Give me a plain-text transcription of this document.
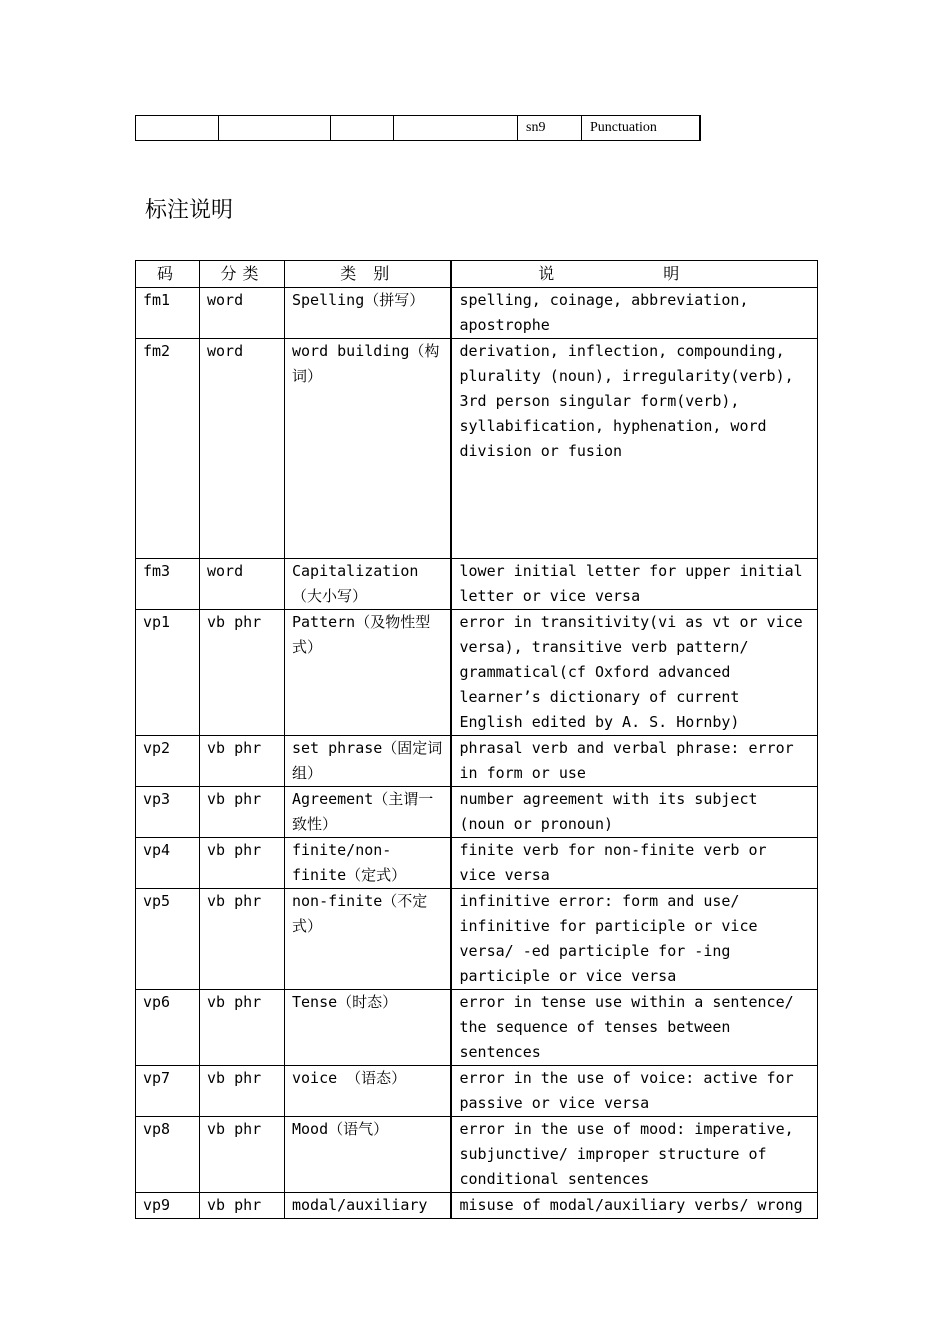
				sn9	Punctuation
标注说明
码	分类	类 别	说 明
fm1	word	Spelling（拼写）	spelling, coinage, abbreviation, apostrophe
fm2	word	word building（构词）	derivation, inflection, compounding, plurality (noun), irregularity(verb), 3rd person singular form(verb), syllabification, hyphenation, word division or fusion
fm3	word	Capitalization（大小写）	lower initial letter for upper initial letter or vice versa
vp1	vb phr	Pattern（及物性型式）	error in transitivity(vi as vt or vice versa), transitive verb pattern/ grammatical(cf Oxford advanced learner’s dictionary of current English edited by A. S. Hornby)
vp2	vb phr	set phrase（固定词组）	phrasal verb and verbal phrase: error in form or use
vp3	vb phr	Agreement（主谓一致性）	number agreement with its subject (noun or pronoun)
vp4	vb phr	finite/non-finite（定式）	finite verb for non-finite verb or vice versa
vp5	vb phr	non-finite（不定式）	infinitive error: form and use/ infinitive for participle or vice versa/ -ed participle for -ing participle or vice versa
vp6	vb phr	Tense（时态）	error in tense use within a sentence/ the sequence of tenses between sentences
vp7	vb phr	voice （语态）	error in the use of voice: active for passive or vice versa
vp8	vb phr	Mood（语气）	error in the use of mood: imperative, subjunctive/ improper structure of conditional sentences
vp9	vb phr	modal/auxiliary	misuse of modal/auxiliary verbs/ wrong
